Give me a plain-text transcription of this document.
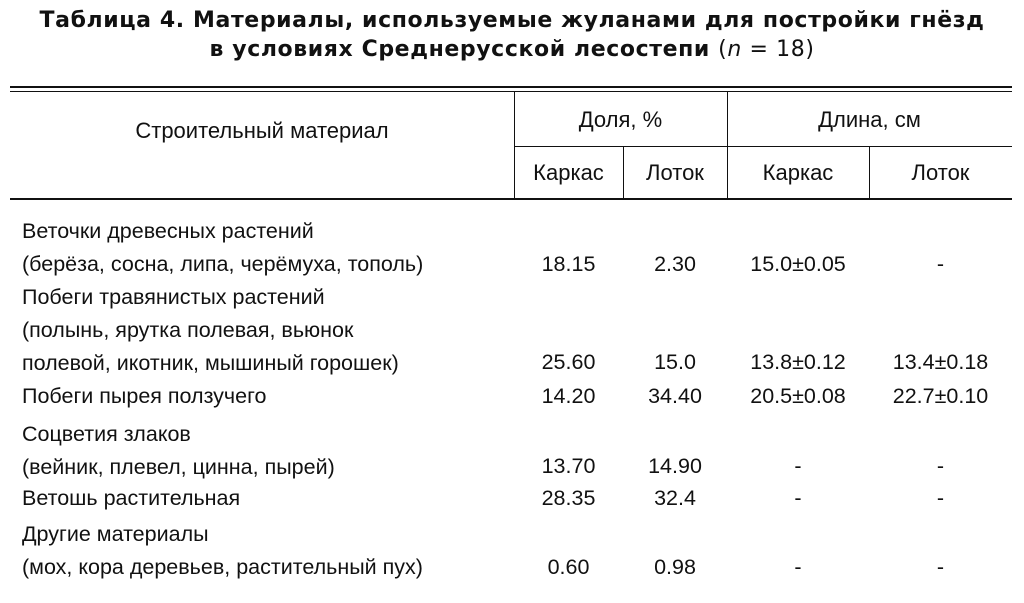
Таблица 4. Материалы, используемые жуланами для постройки гнёзд
в условиях Среднерусской лесостепи (n = 18)
Строительный материал	Доля, %	Длина, см
Каркас	Лоток	Каркас	Лоток
Веточки древесных растений
(берёза, сосна, липа, черёмуха, тополь)	18.15	2.30	15.0±0.05	-
Побеги травянистых растений
(полынь, ярутка полевая, вьюнок
полевой, икотник, мышиный горошек)	25.60	15.0	13.8±0.12	13.4±0.18
Побеги пырея ползучего	14.20	34.40	20.5±0.08	22.7±0.10
Соцветия злаков
(вейник, плевел, цинна, пырей)	13.70	14.90	-	-
Ветошь растительная	28.35	32.4	-	-
Другие материалы
(мох, кора деревьев, растительный пух)	0.60	0.98	-	-
